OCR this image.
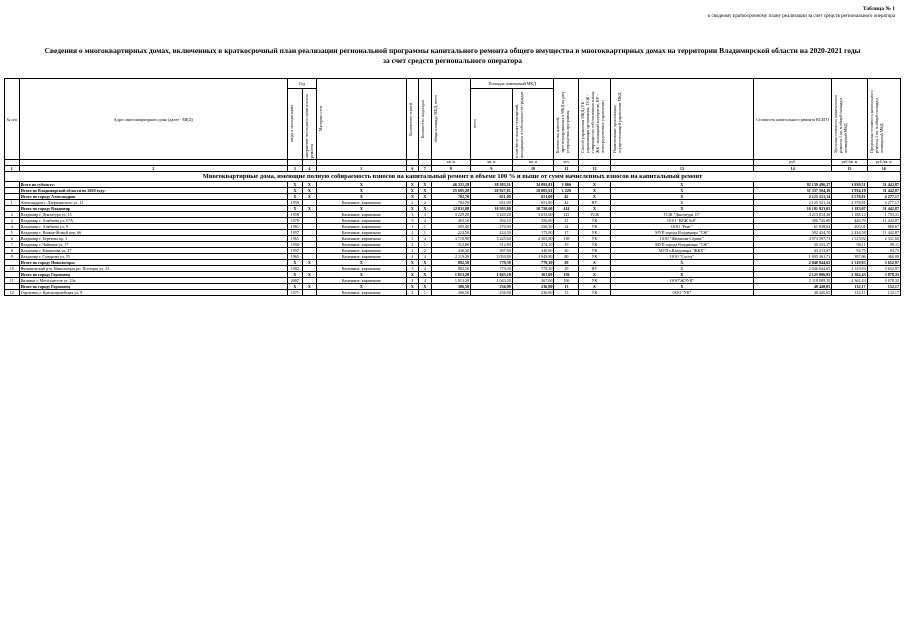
Таблица № 1
к сводному краткосрочному плану реализации за счет средств регионального оператора
Сведения о многоквартирных домах, включенных в краткосрочный план реализации региональной программы капитального ремонта общего имущества в многоквартирных домах на территории Владимирской области на 2020-2021 годы
за счет средств регионального оператора
№ п/п	Адрес многоквартирного дома (далее - МКД)	Год		Материал стен	Количество этажей	Количество подъездов	общая площадь МКД, всего	Площадь помещений МКД		Количество жителей, зарегистрированных в МКД на дату утверждения программы	Способ управления МКД (УК - управляющая организация, ТСЖ - товарищество собственников жилья, ЖК - жилищный кооператив, НУ - непосредственное управление)	Наименование организации, осуществляющей управление МКД	Стоимость капитального ремонта ВСЕГО	Удельная стоимость капитального ремонта 1 кв. м общей площади помещений МКД	Предельная стоимость капитального ремонта 1 кв. м общей площади помещений МКД

		ввода в эксплуатацию	завершение последнего капитального ремонта					всего	в том числе жилых помещений, находящихся в собственности граждан						

							кв. м	кв. м	кв. м	чел.			руб.	руб./кв. м	руб./кв. м
1	2	3	4	5	6	7	8	9	10	11	12	13	14	15	16
Многоквартирные дома, имеющие полную собираемость взносов на капитальный ремонт в объеме 100 % и выше от сумм начисленных взносов на капитальный ремонт															
	Всего по субъекту:	X	X	X	X	X	46 321,18	38 393,31	34 095,81	1 866	X	X	82 139 496,27	1 939,51	11 442,87
	Итого по Владимирской области по 2020 году:	X	X	X	X	X	25 695,28	20 927,81	18 005,61	1 229	X	X	51 337 504,10	1 934,18	11 442,87
	Итого по городу Александров	X	X	X	X	X	702,70	651,00	651,00	42	X	X	2 125 521,14	2 578,81	4 277,17
1	Александров г, Дзержинского ул, 13	1959		Каменные, кирпичные	2	2	702,70	651,00	651,00	42	НУ	Х	2 125 521,14	2 578,81	4 277,17
	Итого по городу Владимир	X	X	X	X	X	12 811,80	10 593,80	10 750,60	414	X	X	16 101 923,03	1 183,07	11 442,87
2	Владимир г, Диктатура ул, 15	1958		Каменные, кирпичные	3	3	3 229,20	3 229,20	3 033,60	121	ТСЖ	ТСЖ "Диктатура 15"	4 213 014,30	1 188,14	1 793,31
3	Владимир г, Алябьева ул, 17А	1976		Каменные, кирпичные	5	4	403,10	394,10	356,00	21	УК	ООО "ВУЖ №8"	306 745,06	446,79	11 442,87
4	Владимир г, Алябьева ул, 9	1961		Каменные, кирпичные	3	1	305,40	276,90	256,30	14	УК	ООО "Ремс"	61 039,63	205,01	860,67
5	Владимир г, Нижне-Живой пер, 66	1957		Каменные, кирпичные	2	1	224,50	224,50	175,00	17	УК	МУП города Владимира "УЖ"	592 454,70	2 434,58	11 442,87
6	Владимир г, Березова пр, 3	1965		Каменные, кирпичные	5	4	3 718,90	3 245,60	2 503,80	138	УК	ООО "Жилкомм-Сервис"	4 973 597,73	1 513,92	2 331,60
7	Владимир г, Чайкина ул, 17	1956		Каменные, кирпичные	2	1	512,80	512,80	474,10	19	УК	МУП города Владимира "УЖ"	50 333,37	98,11	98,11
8	Владимир г, Кашинова ул, 27	1957		Каменные, кирпичные	2	2	436,30	397,60	340,00	20	УК	МУП г.Владимира "ЖКХ"	43 213,07	94,75	94,75
9	Владимир г, Суворова ул, 55	1965		Каменные, кирпичные	4	4	2 119,20	2 054,80	1 949,80	80	УК	ООО "Сосед"	1 005 361,71	397,86	460,09
	Итого по городу Никологоры	X	X	X	X	X	882,50	779,30	779,30	29	X	X	2 046 844,65	2 319,93	3 652,97
10	Вязниковский р-н, Никологоры рп, Полторы ул, 23	1982		Каменные, кирпичные	3	4	882,50	779,30	779,30	29	НУ	Х	2 046 844,65	2 319,93	3 652,97
	Итого по городу Гороховец	X	X	X	X	X	1 813,20	1 043,20	367,00	156	X	X	2 125 006,93	2 362,43	3 878,35
11	Вязники г, Металлистов ул, 23а	2007		Каменные, кирпичные	4	4	1 813,20	1 043,20	367,00	156	УК	ООО"ЖЭУК"	2 118 089,15	2 362,43	3 878,35
	Итого по городу Гороховец	X	X	X	X	X	306,50	236,90	236,90	13	X	X	48 440,05	132,17	132,17
12	Гороховец г, Красноармейская ул, 8	1971		Каменные, кирпичные	2	1	306,50	236,90	236,90	13	УК	ООО "УК"	48 440,05	132,17	132,17
